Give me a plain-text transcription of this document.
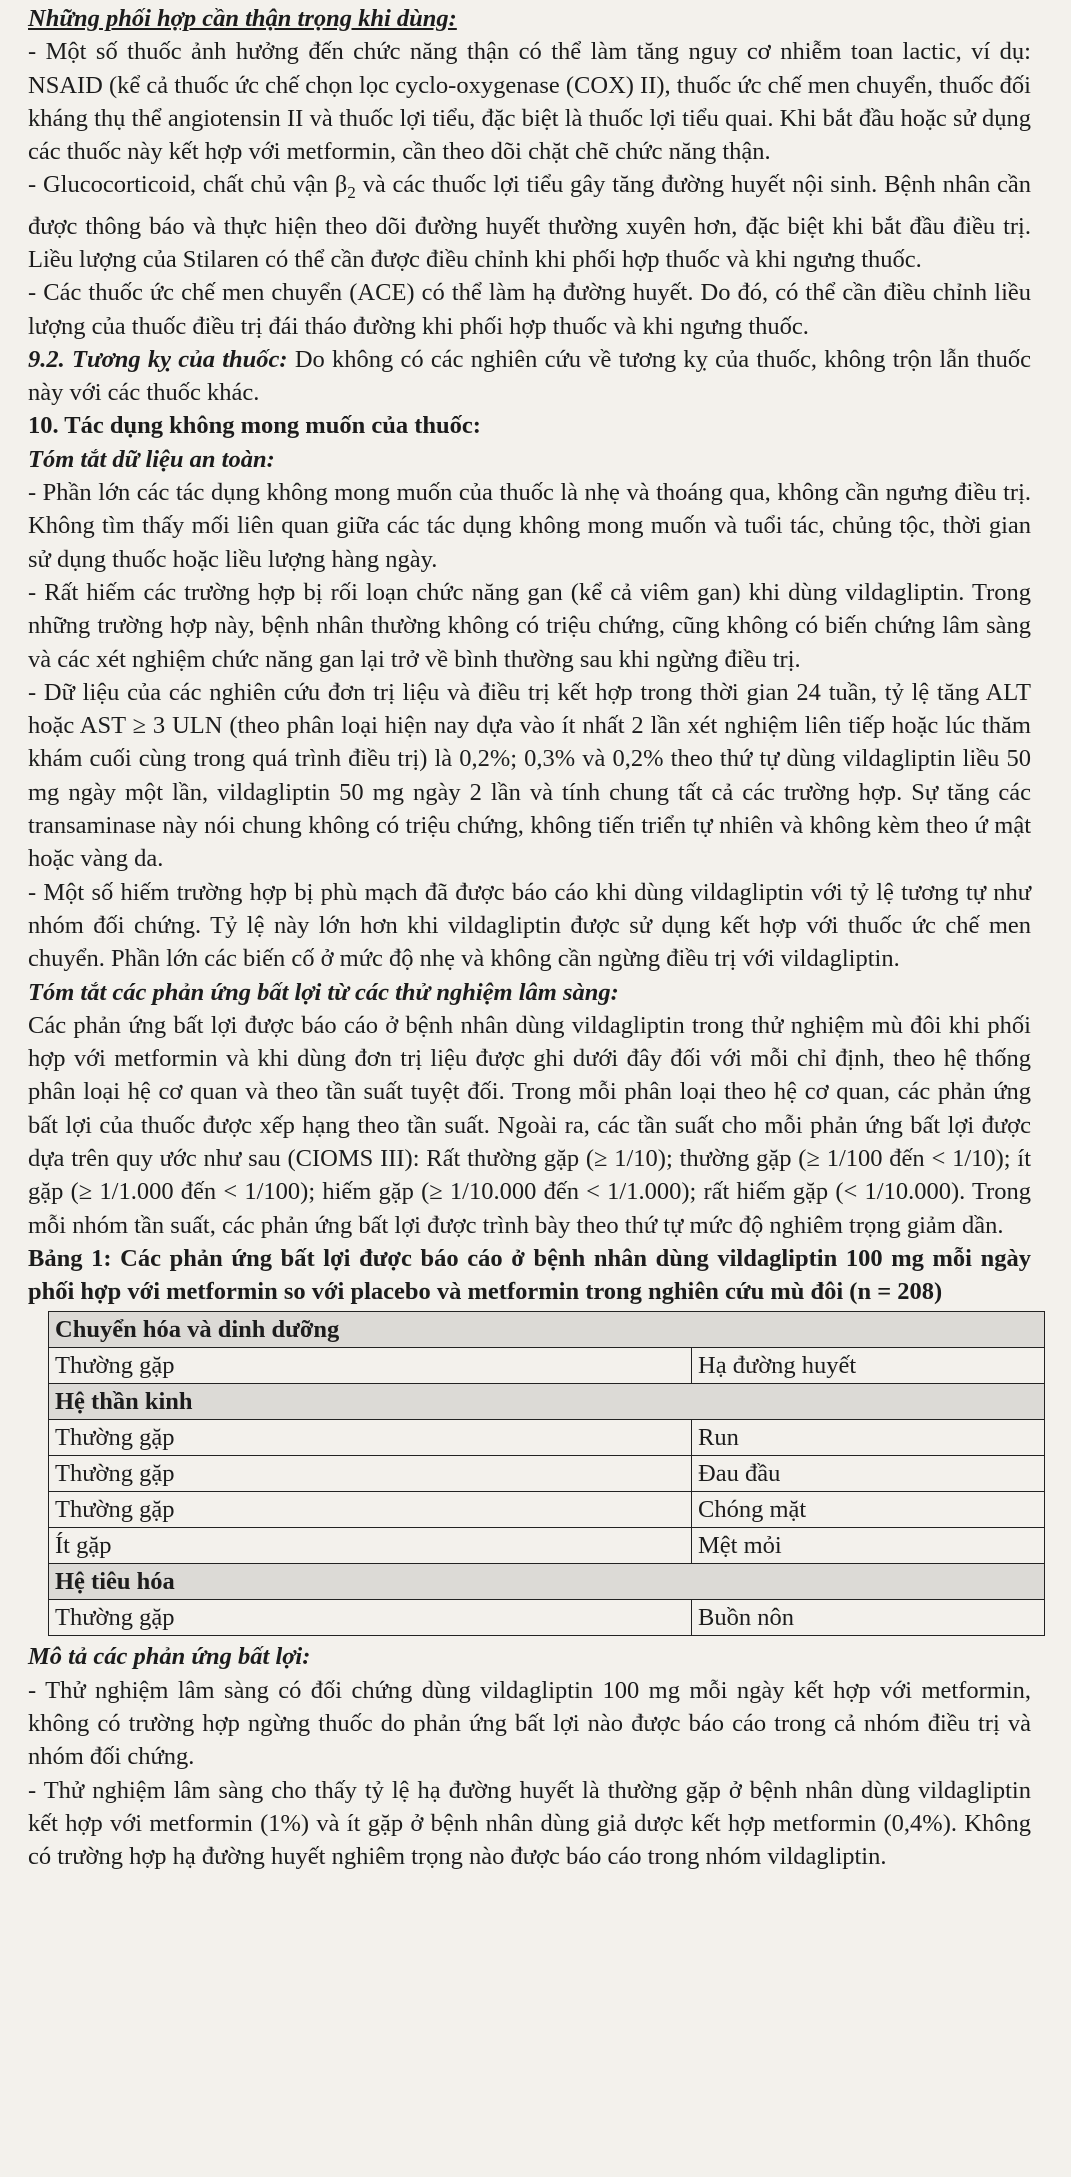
Những phối hợp cần thận trọng khi dùng:

- Một số thuốc ảnh hưởng đến chức năng thận có thể làm tăng nguy cơ nhiễm toan lactic, ví dụ: NSAID (kể cả thuốc ức chế chọn lọc cyclo-oxygenase (COX) II), thuốc ức chế men chuyển, thuốc đối kháng thụ thể angiotensin II và thuốc lợi tiểu, đặc biệt là thuốc lợi tiểu quai. Khi bắt đầu hoặc sử dụng các thuốc này kết hợp với metformin, cần theo dõi chặt chẽ chức năng thận.

- Glucocorticoid, chất chủ vận $\beta_2$ và các thuốc lợi tiểu gây tăng đường huyết nội sinh. Bệnh nhân cần được thông báo và thực hiện theo dõi đường huyết thường xuyên hơn, đặc biệt khi bắt đầu điều trị. Liều lượng của Stilaren có thể cần được điều chỉnh khi phối hợp thuốc và khi ngưng thuốc.

- Các thuốc ức chế men chuyển (ACE) có thể làm hạ đường huyết. Do đó, có thể cần điều chỉnh liều lượng của thuốc điều trị đái tháo đường khi phối hợp thuốc và khi ngưng thuốc.

9.2. Tương kỵ của thuốc: Do không có các nghiên cứu về tương kỵ của thuốc, không trộn lẫn thuốc này với các thuốc khác.

10. Tác dụng không mong muốn của thuốc:

Tóm tắt dữ liệu an toàn:

- Phần lớn các tác dụng không mong muốn của thuốc là nhẹ và thoáng qua, không cần ngưng điều trị. Không tìm thấy mối liên quan giữa các tác dụng không mong muốn và tuổi tác, chủng tộc, thời gian sử dụng thuốc hoặc liều lượng hàng ngày.

- Rất hiếm các trường hợp bị rối loạn chức năng gan (kể cả viêm gan) khi dùng vildagliptin. Trong những trường hợp này, bệnh nhân thường không có triệu chứng, cũng không có biến chứng lâm sàng và các xét nghiệm chức năng gan lại trở về bình thường sau khi ngừng điều trị.

- Dữ liệu của các nghiên cứu đơn trị liệu và điều trị kết hợp trong thời gian 24 tuần, tỷ lệ tăng ALT hoặc AST ≥ 3 ULN (theo phân loại hiện nay dựa vào ít nhất 2 lần xét nghiệm liên tiếp hoặc lúc thăm khám cuối cùng trong quá trình điều trị) là 0,2%; 0,3% và 0,2% theo thứ tự dùng vildagliptin liều 50 mg ngày một lần, vildagliptin 50 mg ngày 2 lần và tính chung tất cả các trường hợp. Sự tăng các transaminase này nói chung không có triệu chứng, không tiến triển tự nhiên và không kèm theo ứ mật hoặc vàng da.

- Một số hiếm trường hợp bị phù mạch đã được báo cáo khi dùng vildagliptin với tỷ lệ tương tự như nhóm đối chứng. Tỷ lệ này lớn hơn khi vildagliptin được sử dụng kết hợp với thuốc ức chế men chuyển. Phần lớn các biến cố ở mức độ nhẹ và không cần ngừng điều trị với vildagliptin.

Tóm tắt các phản ứng bất lợi từ các thử nghiệm lâm sàng:

Các phản ứng bất lợi được báo cáo ở bệnh nhân dùng vildagliptin trong thử nghiệm mù đôi khi phối hợp với metformin và khi dùng đơn trị liệu được ghi dưới đây đối với mỗi chỉ định, theo hệ thống phân loại hệ cơ quan và theo tần suất tuyệt đối. Trong mỗi phân loại theo hệ cơ quan, các phản ứng bất lợi của thuốc được xếp hạng theo tần suất. Ngoài ra, các tần suất cho mỗi phản ứng bất lợi được dựa trên quy ước như sau (CIOMS III): Rất thường gặp (≥ 1/10); thường gặp (≥ 1/100 đến < 1/10); ít gặp (≥ 1/1.000 đến < 1/100); hiếm gặp (≥ 1/10.000 đến < 1/1.000); rất hiếm gặp (< 1/10.000). Trong mỗi nhóm tần suất, các phản ứng bất lợi được trình bày theo thứ tự mức độ nghiêm trọng giảm dần.

Bảng 1: Các phản ứng bất lợi được báo cáo ở bệnh nhân dùng vildagliptin 100 mg mỗi ngày phối hợp với metformin so với placebo và metformin trong nghiên cứu mù đôi (n = 208)

Chuyển hóa và dinh dưỡng	
Thường gặp	Hạ đường huyết
Hệ thần kinh	
Thường gặp	Run
Thường gặp	Đau đầu
Thường gặp	Chóng mặt
Ít gặp	Mệt mỏi
Hệ tiêu hóa	
Thường gặp	Buồn nôn

Mô tả các phản ứng bất lợi:

- Thử nghiệm lâm sàng có đối chứng dùng vildagliptin 100 mg mỗi ngày kết hợp với metformin, không có trường hợp ngừng thuốc do phản ứng bất lợi nào được báo cáo trong cả nhóm điều trị và nhóm đối chứng.

- Thử nghiệm lâm sàng cho thấy tỷ lệ hạ đường huyết là thường gặp ở bệnh nhân dùng vildagliptin kết hợp với metformin (1%) và ít gặp ở bệnh nhân dùng giả dược kết hợp metformin (0,4%). Không có trường hợp hạ đường huyết nghiêm trọng nào được báo cáo trong nhóm vildagliptin.
